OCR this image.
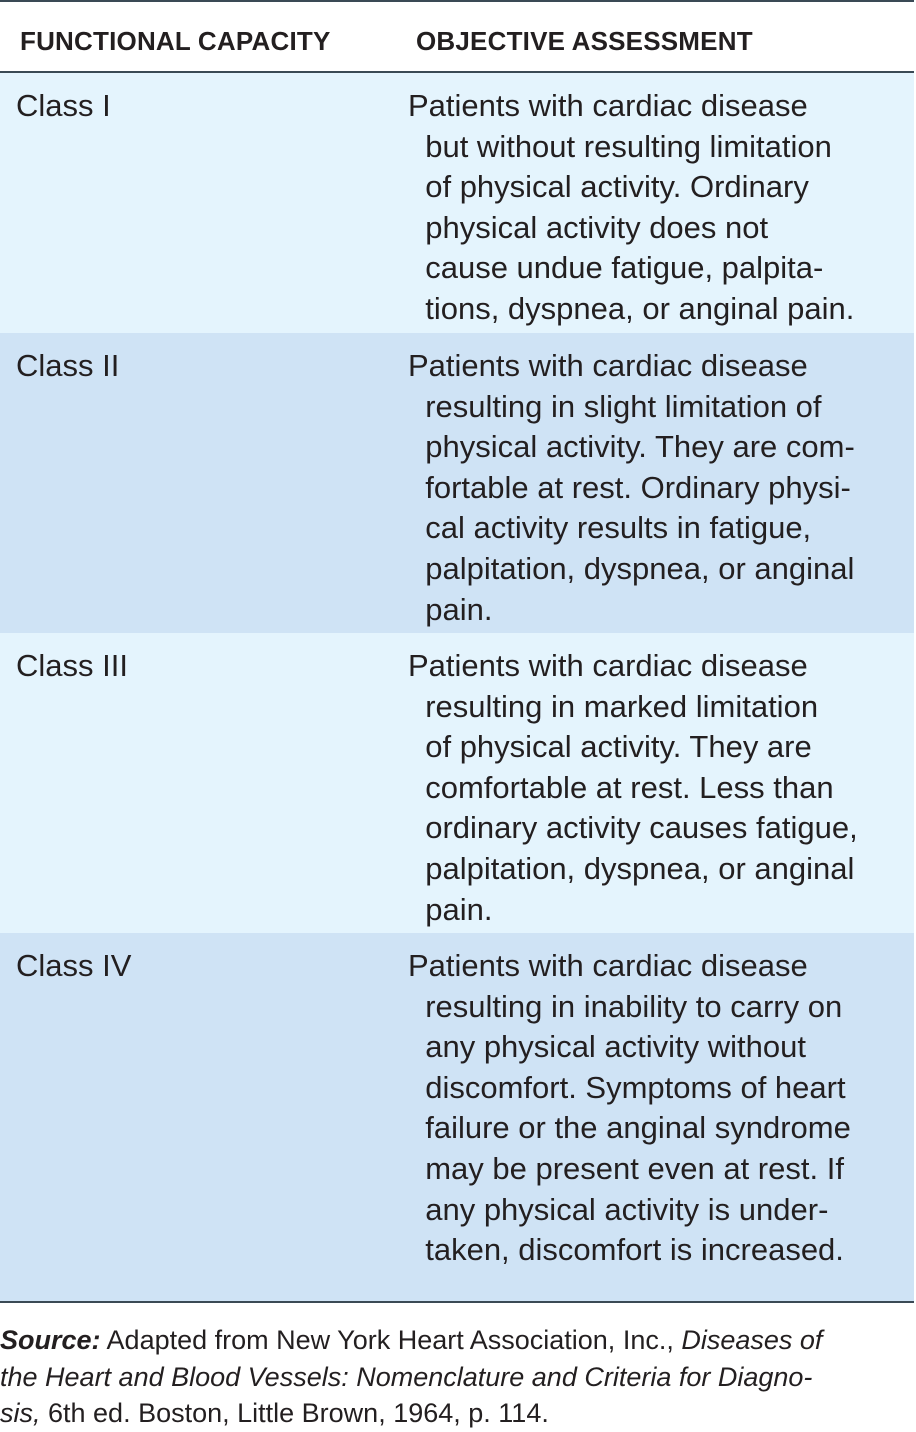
FUNCTIONAL CAPACITY	OBJECTIVE ASSESSMENT
Class I	Patients with cardiac disease
but without resulting limitation
of physical activity. Ordinary
physical activity does not
cause undue fatigue, palpita-
tions, dyspnea, or anginal pain.
Class II	Patients with cardiac disease
resulting in slight limitation of
physical activity. They are com-
fortable at rest. Ordinary physi-
cal activity results in fatigue,
palpitation, dyspnea, or anginal
pain.
Class III	Patients with cardiac disease
resulting in marked limitation
of physical activity. They are
comfortable at rest. Less than
ordinary activity causes fatigue,
palpitation, dyspnea, or anginal
pain.
Class IV	Patients with cardiac disease
resulting in inability to carry on
any physical activity without
discomfort. Symptoms of heart
failure or the anginal syndrome
may be present even at rest. If
any physical activity is under-
taken, discomfort is increased.
Source: Adapted from New York Heart Association, Inc., Diseases of
the Heart and Blood Vessels: Nomenclature and Criteria for Diagno-
sis, 6th ed. Boston, Little Brown, 1964, p. 114.
